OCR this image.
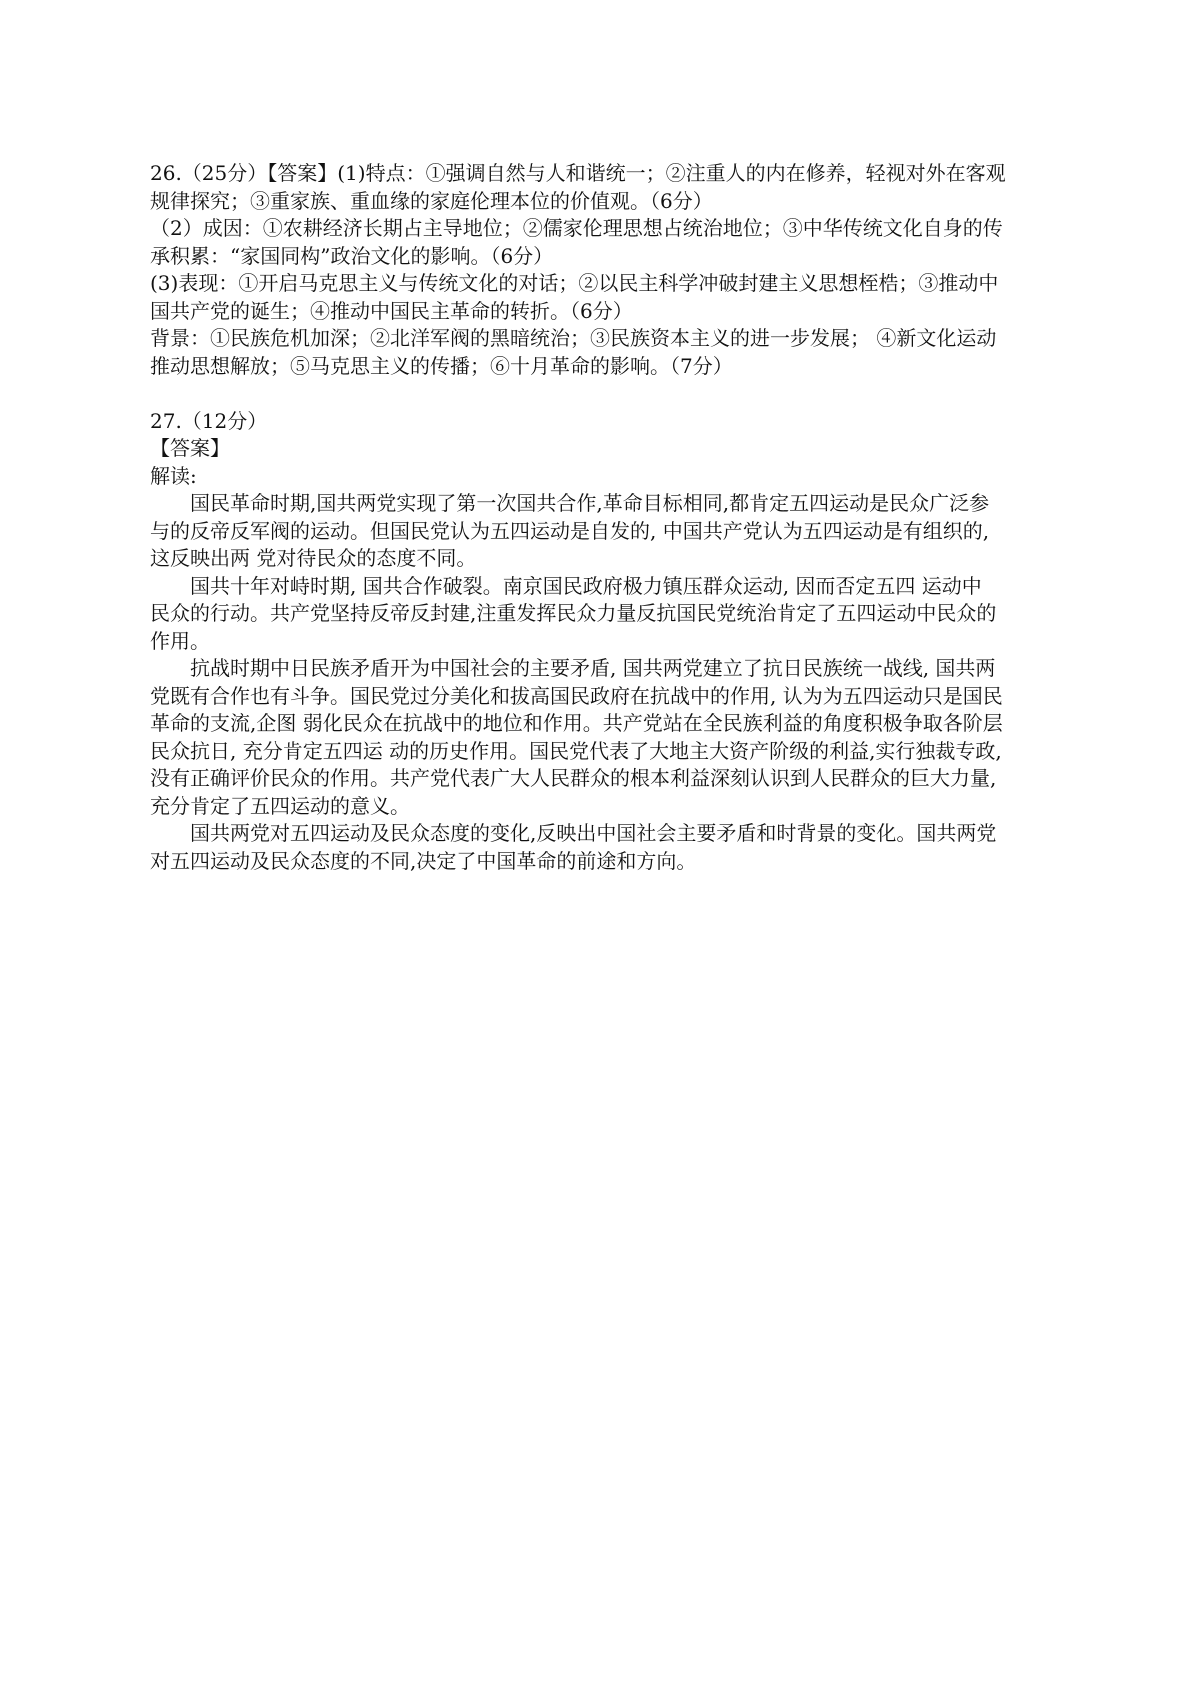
26.（25分）【答案】(1)特点：①强调自然与人和谐统一；②注重人的内在修养，轻视对外在客观
规律探究；③重家族、重血缘的家庭伦理本位的价值观。（6分）
（2）成因：①农耕经济长期占主导地位；②儒家伦理思想占统治地位；③中华传统文化自身的传
承积累：“家国同构”政治文化的影响。（6分）
(3)表现：①开启马克思主义与传统文化的对话；②以民主科学冲破封建主义思想桎梏；③推动中
国共产党的诞生；④推动中国民主革命的转折。（6分）
背景：①民族危机加深；②北洋军阀的黑暗统治；③民族资本主义的进一步发展； ④新文化运动
推动思想解放；⑤马克思主义的传播；⑥十月革命的影响。（7分）
27.（12分）
【答案】
解读:
国民革命时期,国共两党实现了第一次国共合作,革命目标相同,都肯定五四运动是民众广泛参
与的反帝反军阀的运动。但国民党认为五四运动是自发的, 中国共产党认为五四运动是有组织的,
这反映出两 党对待民众的态度不同。
国共十年对峙时期, 国共合作破裂。南京国民政府极力镇压群众运动, 因而否定五四 运动中
民众的行动。共产党坚持反帝反封建,注重发挥民众力量反抗国民党统治肯定了五四运动中民众的
作用。
抗战时期中日民族矛盾开为中国社会的主要矛盾, 国共两党建立了抗日民族统一战线, 国共两
党既有合作也有斗争。国民党过分美化和拔高国民政府在抗战中的作用, 认为为五四运动只是国民
革命的支流,企图 弱化民众在抗战中的地位和作用。共产党站在全民族利益的角度积极争取各阶层
民众抗日, 充分肯定五四运 动的历史作用。国民党代表了大地主大资产阶级的利益,实行独裁专政,
没有正确评价民众的作用。共产党代表广大人民群众的根本利益深刻认识到人民群众的巨大力量,
充分肯定了五四运动的意义。
国共两党对五四运动及民众态度的变化,反映出中国社会主要矛盾和时背景的变化。国共两党
对五四运动及民众态度的不同,决定了中国革命的前途和方向。
